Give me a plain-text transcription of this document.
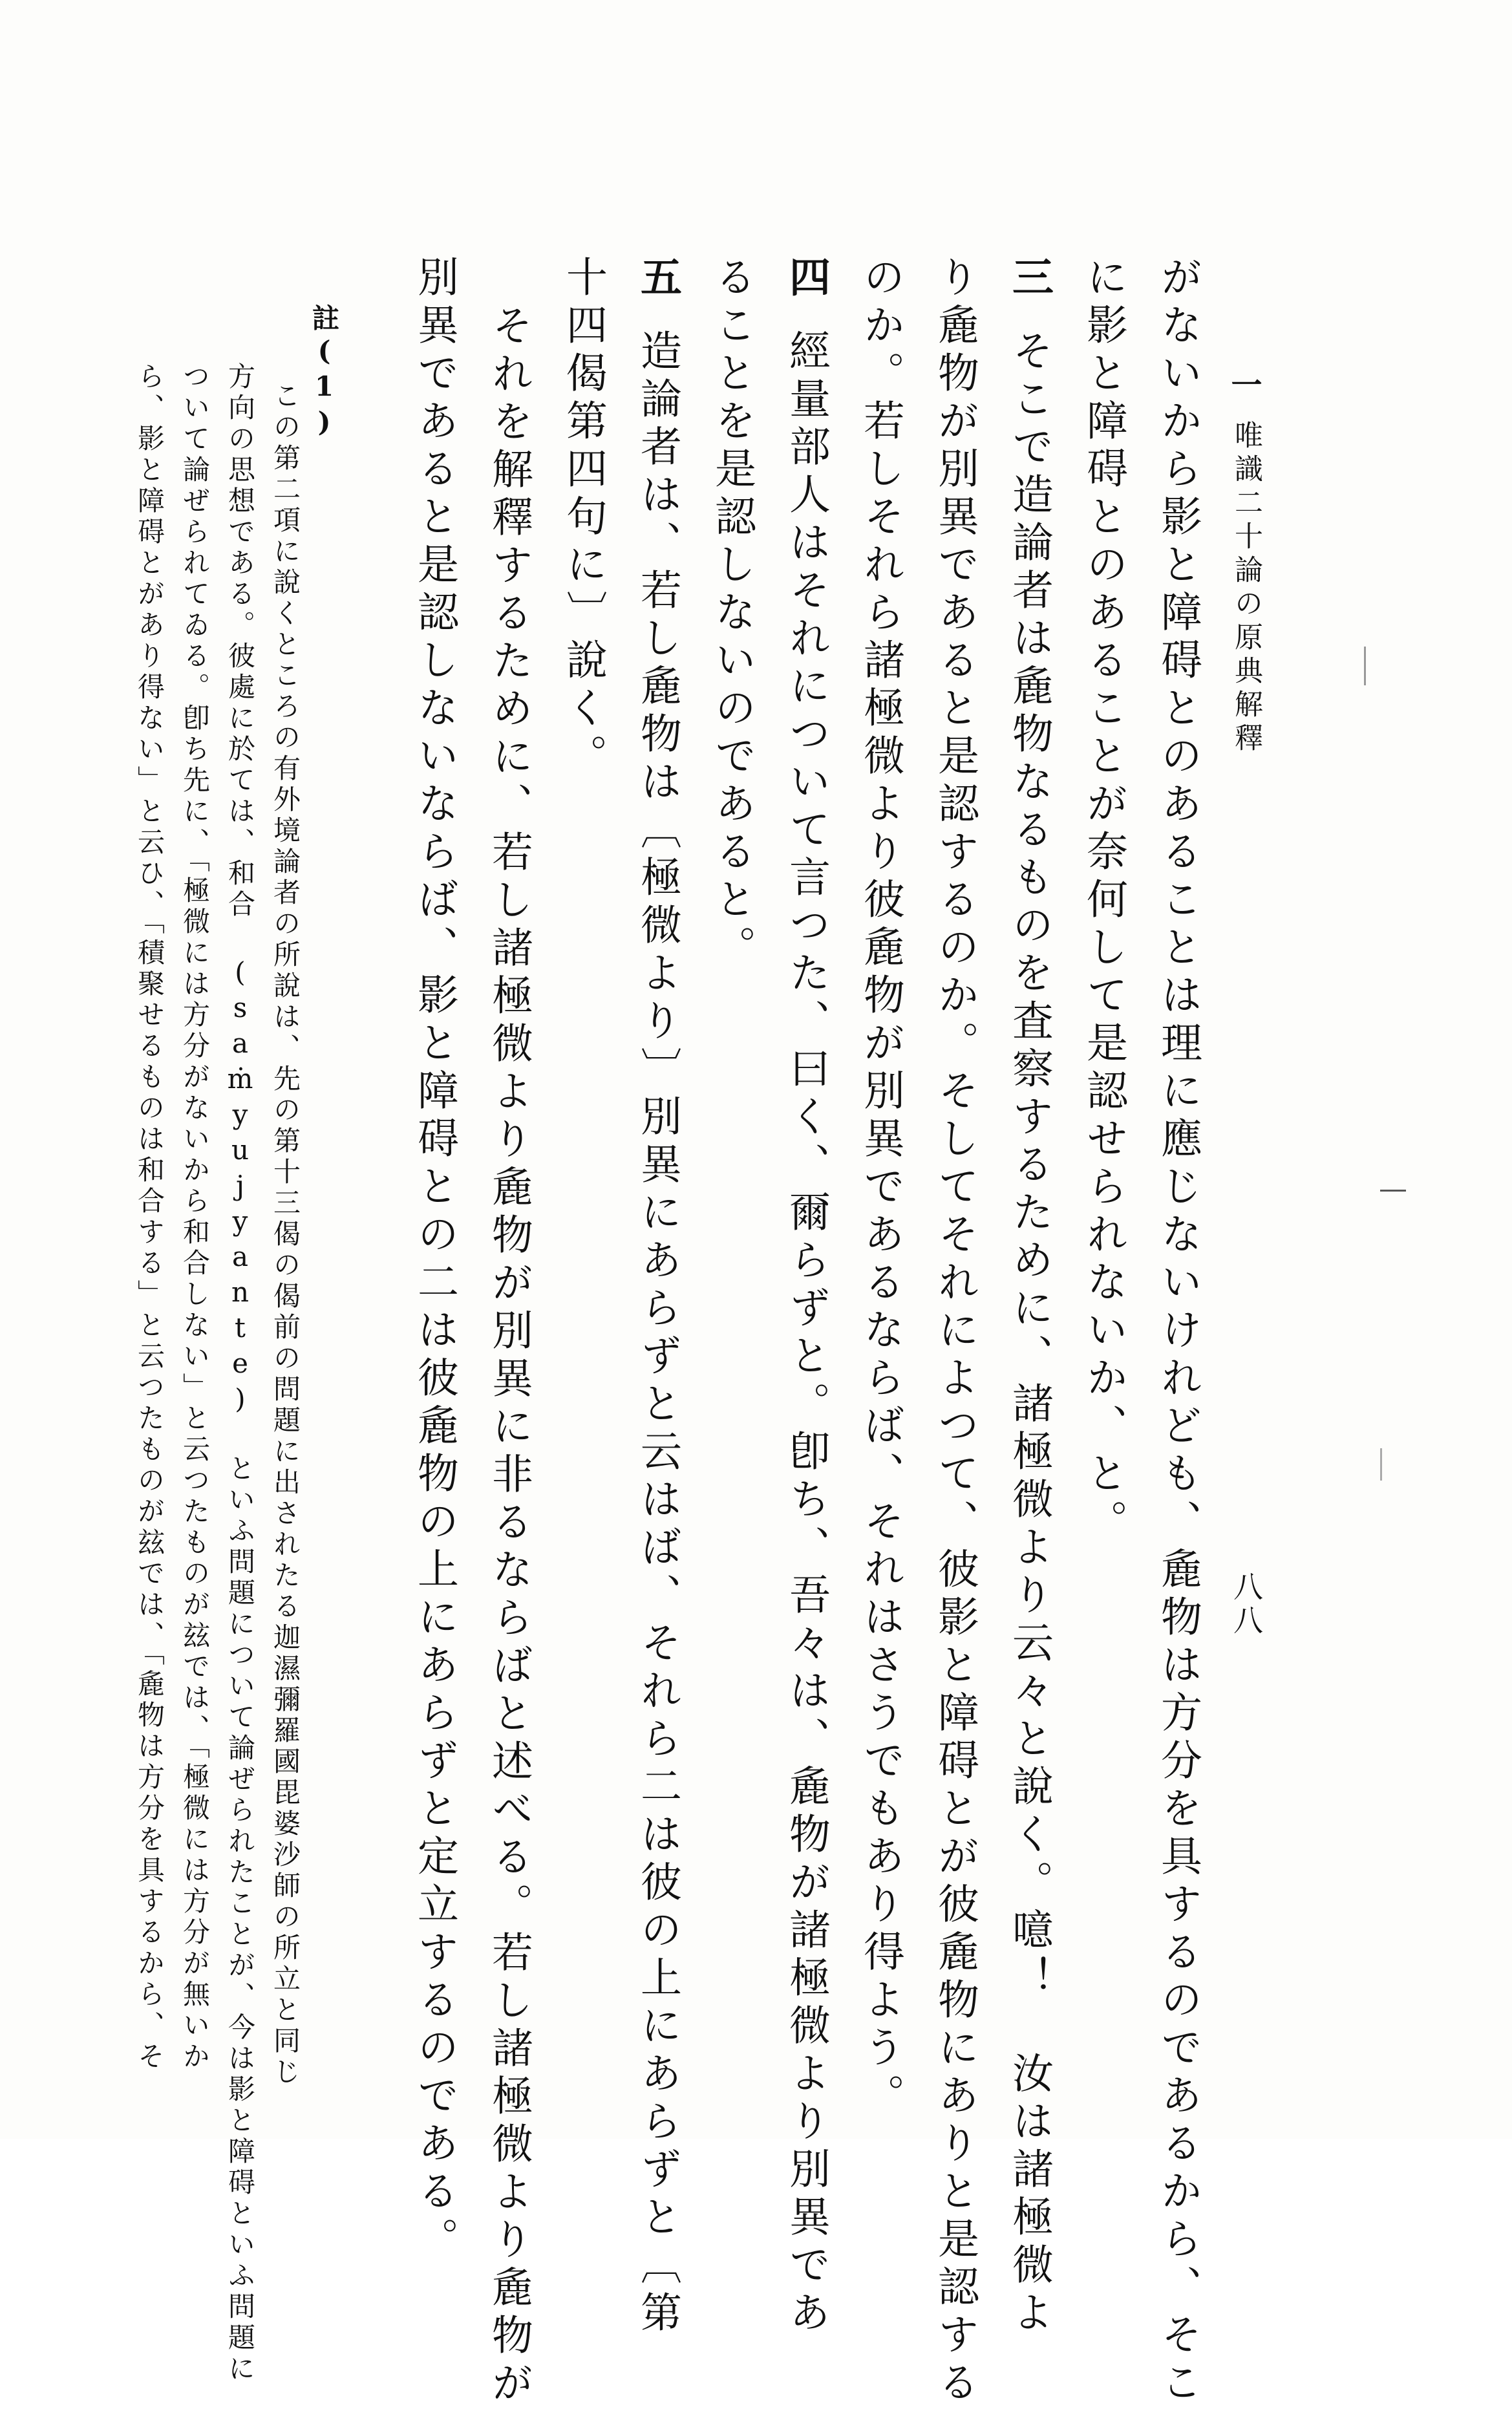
一
唯識二十論の原典解釋
八八
がないから影と障碍とのあることは理に應じないけれども、麁物は方分を具するのであるから、そこ
に影と障碍とのあることが奈何して是認せられないか、と。
三そこで造論者は麁物なるものを査察するために、諸極微より云々と說く。噫！　汝は諸極微よ
り麁物が別異であると是認するのか。そしてそれによつて、彼影と障碍とが彼麁物にありと是認する
のか。若しそれら諸極微より彼麁物が別異であるならば、それはさうでもあり得よう。
四經量部人はそれについて言つた、曰く、爾らずと。卽ち、吾々は、麁物が諸極微より別異であ
ることを是認しないのであると。
五造論者は、若し麁物は〔極微より〕別異にあらずと云はば、それら二は彼の上にあらずと〔第
十四偈第四句に〕說く。
それを解釋するために、若し諸極微より麁物が別異に非るならばと述べる。若し諸極微より麁物が
別異であると是認しないならば、影と障碍との二は彼麁物の上にあらずと定立するのである。
註(1)
この第二項に說くところの有外境論者の所說は、先の第十三偈の偈前の問題に出されたる迦濕彌羅國毘婆沙師の所立と同じ
方向の思想である。彼處に於ては、和合 (saṁyujyante) といふ問題について論ぜられたことが、今は影と障碍といふ問題に
ついて論ぜられてゐる。卽ち先に、「極微には方分がないから和合しない」と云つたものが玆では、「極微には方分が無いか
ら、影と障碍とがあり得ない」と云ひ、「積聚せるものは和合する」と云つたものが玆では、「麁物は方分を具するから、そ
